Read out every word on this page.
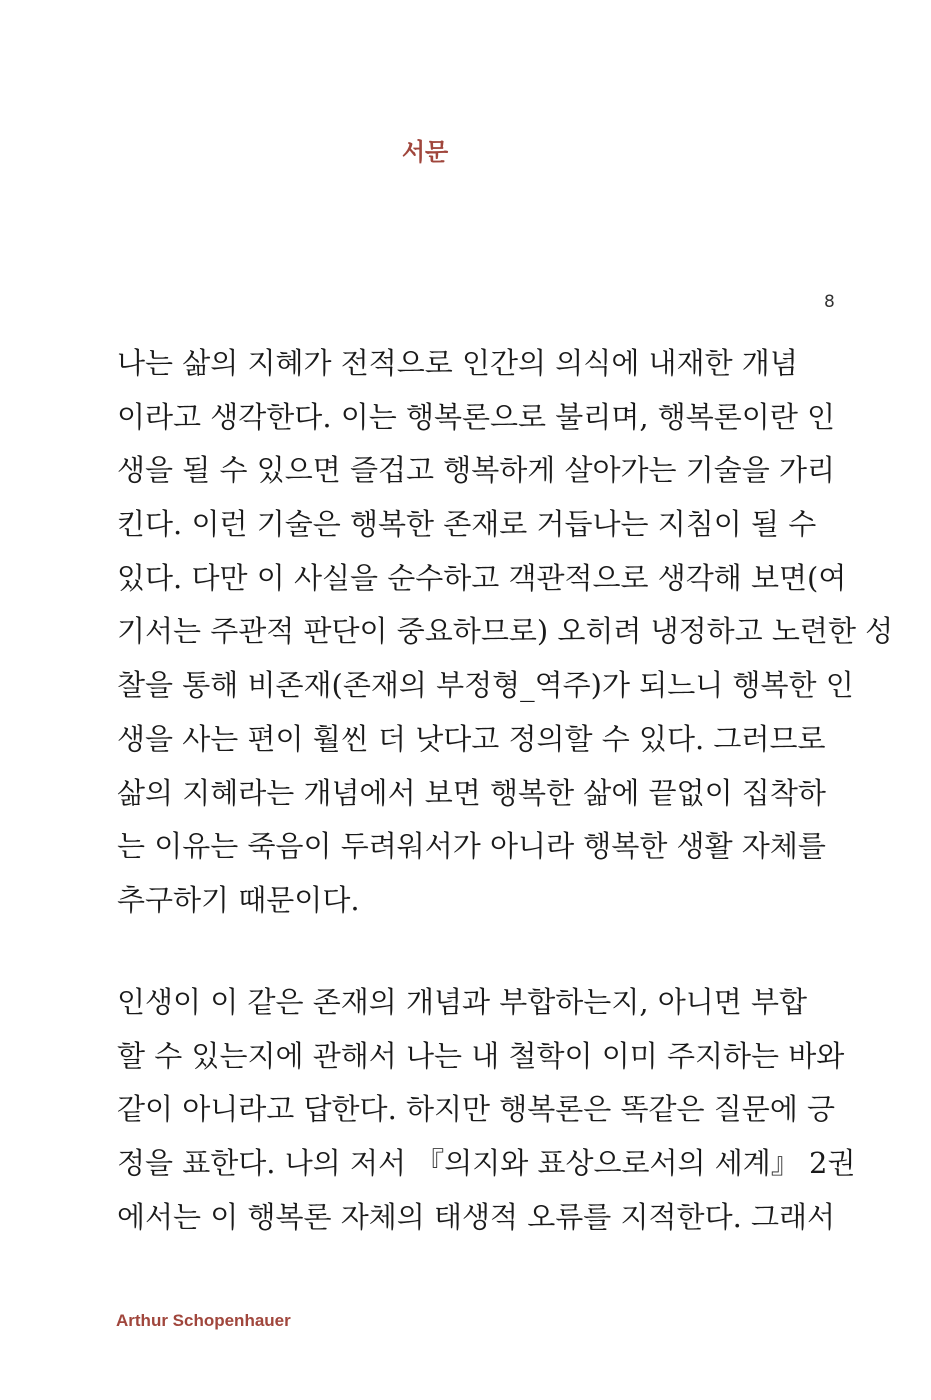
서문
8
나는 삶의 지혜가 전적으로 인간의 의식에 내재한 개념
이라고 생각한다. 이는 행복론으로 불리며, 행복론이란 인
생을 될 수 있으면 즐겁고 행복하게 살아가는 기술을 가리
킨다. 이런 기술은 행복한 존재로 거듭나는 지침이 될 수
있다. 다만 이 사실을 순수하고 객관적으로 생각해 보면(여
기서는 주관적 판단이 중요하므로) 오히려 냉정하고 노련한 성
찰을 통해 비존재(존재의 부정형_역주)가 되느니 행복한 인
생을 사는 편이 훨씬 더 낫다고 정의할 수 있다. 그러므로
삶의 지혜라는 개념에서 보면 행복한 삶에 끝없이 집착하
는 이유는 죽음이 두려워서가 아니라 행복한 생활 자체를
추구하기 때문이다.
인생이 이 같은 존재의 개념과 부합하는지, 아니면 부합
할 수 있는지에 관해서 나는 내 철학이 이미 주지하는 바와
같이 아니라고 답한다. 하지만 행복론은 똑같은 질문에 긍
정을 표한다. 나의 저서 『의지와 표상으로서의 세계』 2권
에서는 이 행복론 자체의 태생적 오류를 지적한다. 그래서
Arthur Schopenhauer
